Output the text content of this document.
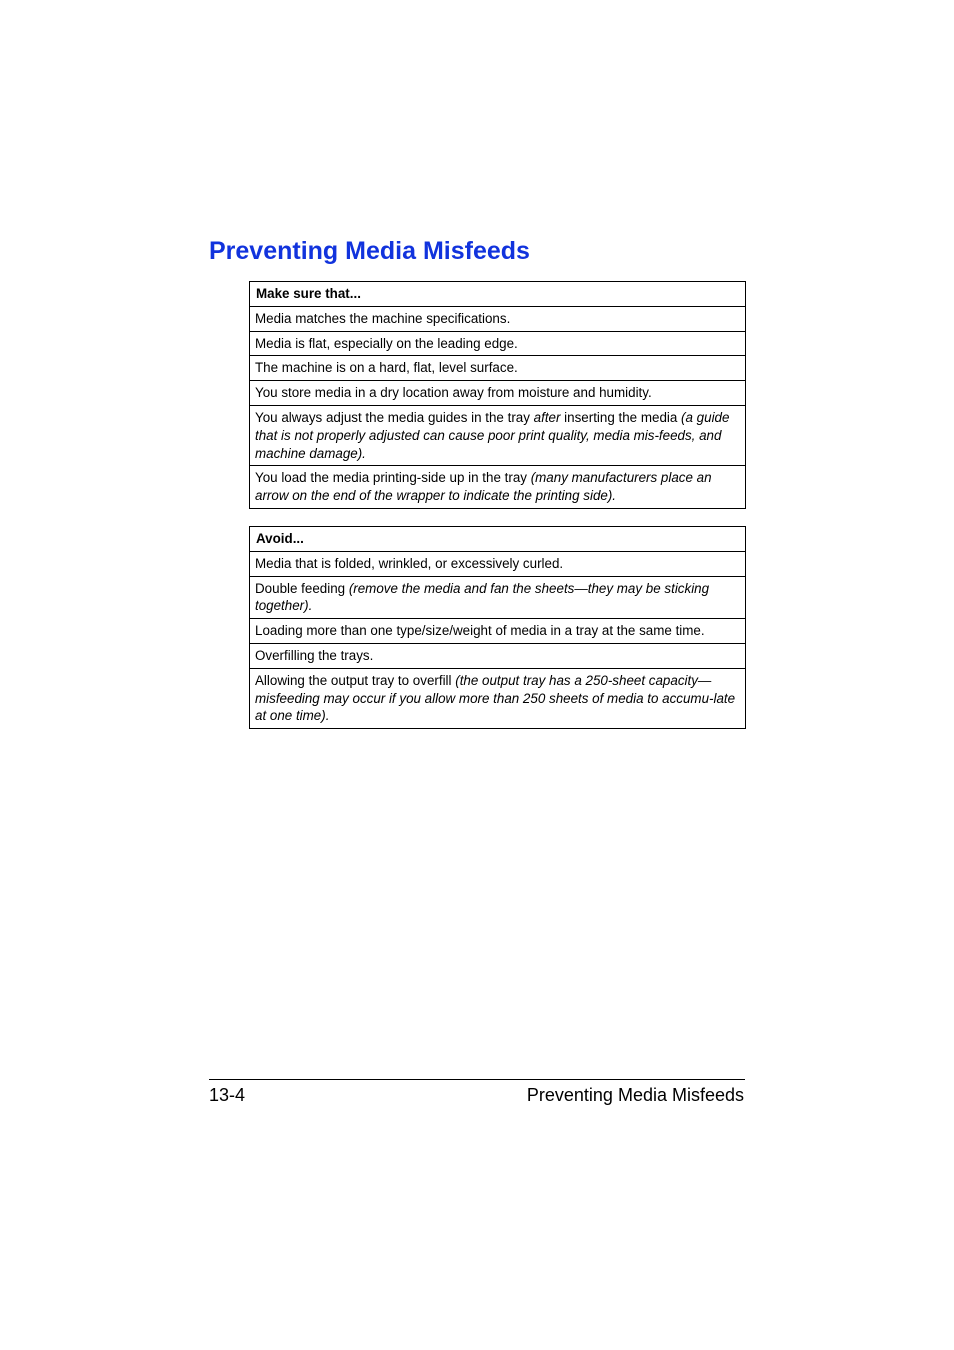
Preventing Media Misfeeds
Make sure that...
Media matches the machine specifications.
Media is flat, especially on the leading edge.
The machine is on a hard, flat, level surface.
You store media in a dry location away from moisture and humidity.
You always adjust the media guides in the tray after inserting the media (a guide that is not properly adjusted can cause poor print quality, media mis-feeds, and machine damage).
You load the media printing-side up in the tray (many manufacturers place an arrow on the end of the wrapper to indicate the printing side).
Avoid...
Media that is folded, wrinkled, or excessively curled.
Double feeding (remove the media and fan the sheets—they may be sticking together).
Loading more than one type/size/weight of media in a tray at the same time.
Overfilling the trays.
Allowing the output tray to overfill (the output tray has a 250-sheet capacity—misfeeding may occur if you allow more than 250 sheets of media to accumu-late at one time).
13-4	Preventing Media Misfeeds
